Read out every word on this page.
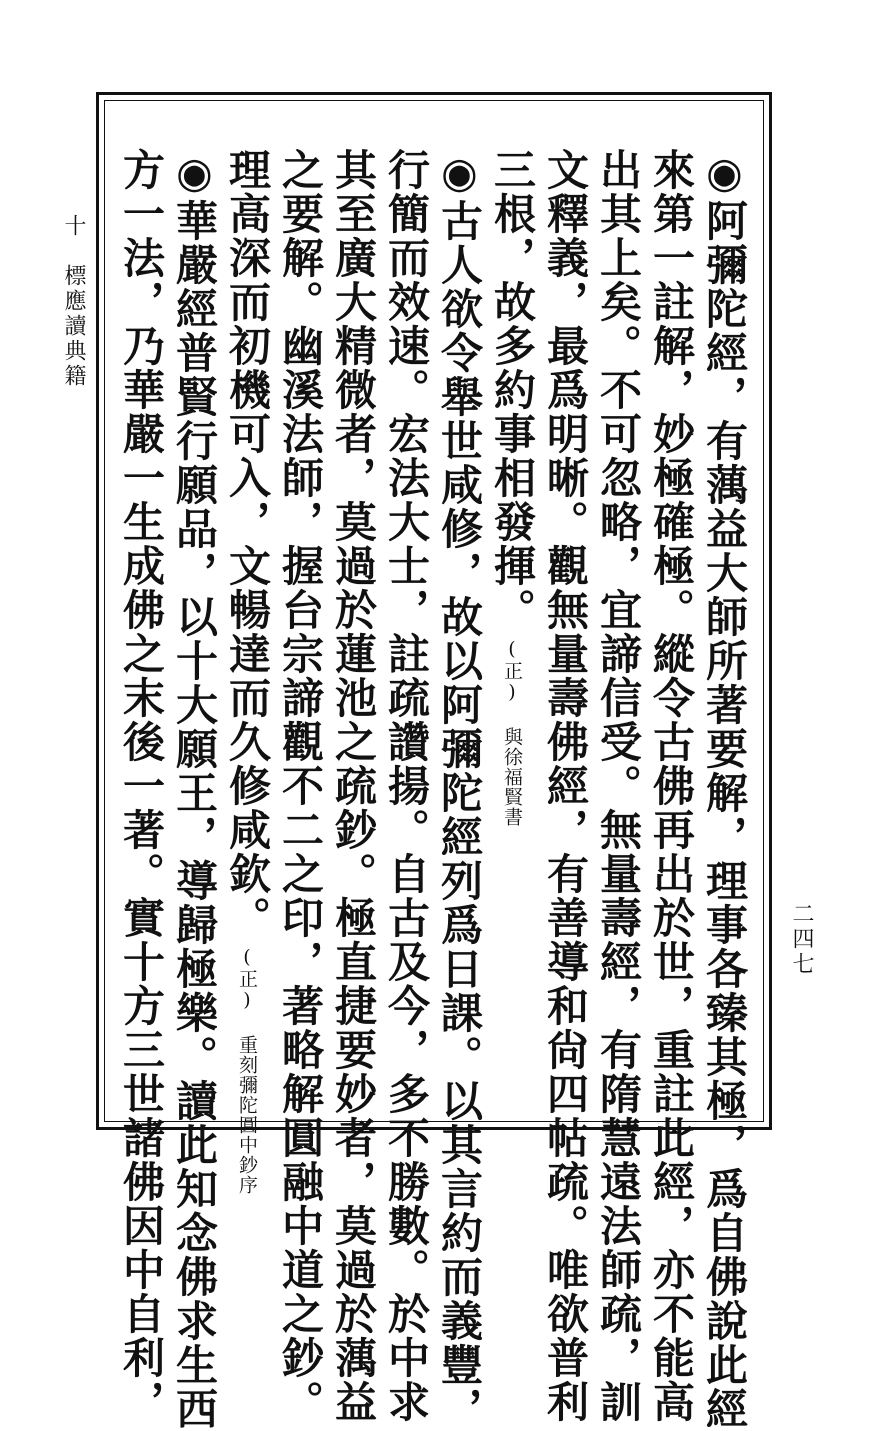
十　標應讀典籍
二四七
◉阿彌陀經，有蕅益大師所著要解，理事各臻其極，爲自佛說此經
來第一註解，妙極確極。縱令古佛再出於世，重註此經，亦不能高
出其上矣。不可忽略，宜諦信受。無量壽經，有隋慧遠法師疏，訓
文釋義，最爲明晰。觀無量壽佛經，有善導和尙四帖疏。唯欲普利
三根，故多約事相發揮。(正) 與徐福賢書
◉古人欲令舉世咸修，故以阿彌陀經列爲日課。以其言約而義豐，
行簡而效速。宏法大士，註疏讚揚。自古及今，多不勝數。於中求
其至廣大精微者，莫過於蓮池之疏鈔。極直捷要妙者，莫過於蕅益
之要解。幽溪法師，握台宗諦觀不二之印，著略解圓融中道之鈔。
理高深而初機可入，文暢達而久修咸欽。(正) 重刻彌陀圓中鈔序
◉華嚴經普賢行願品，以十大願王，導歸極樂。讀此知念佛求生西
方一法，乃華嚴一生成佛之末後一著。實十方三世諸佛因中自利，
